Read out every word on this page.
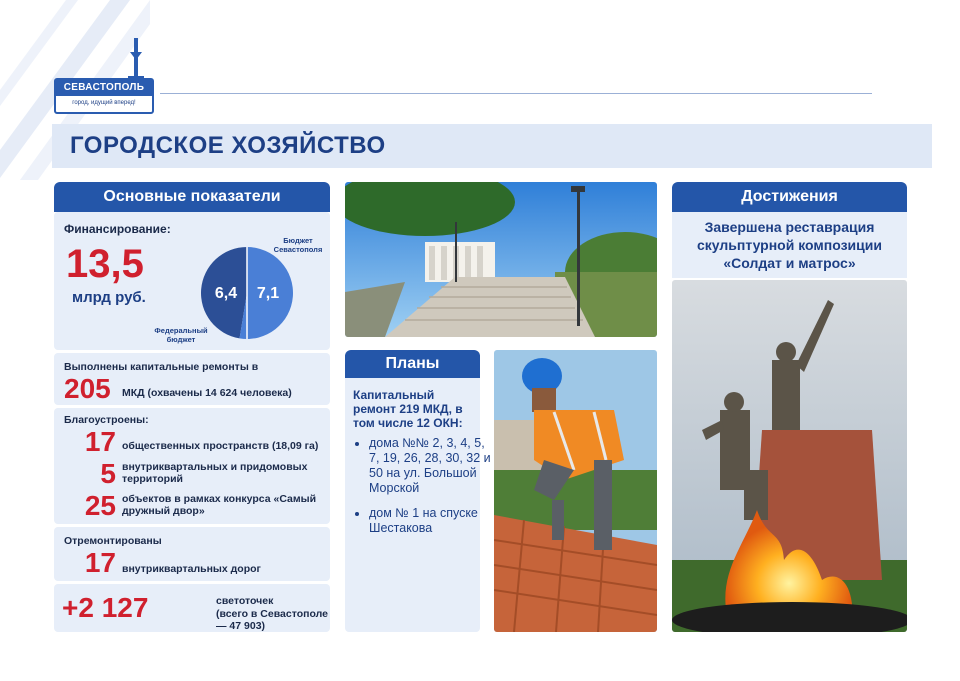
СЕВАСТОПОЛЬ
город, идущий вперед!
ГОРОДСКОЕ ХОЗЯЙСТВО
Основные показатели
Финансирование:
13,5
млрд руб.	6,4 7,1
Бюджет Севастополя
Федеральный бюджет
Выполнены капитальные ремонты в
205 МКД (охвачены 14 624 человека)
Благоустроены:
17 общественных пространств (18,09 га)
5 внутриквартальных и придомовых территорий
25 объектов в рамках конкурса «Самый дружный двор»
Отремонтированы
17 внутриквартальных дорог
+2 127	светоточек
(всего в Севастополе — 47 903)
Планы
Капитальный ремонт 219 МКД, в том числе 12 ОКН:
• дома №№ 2, 3, 4, 5, 7, 19, 26, 28, 30, 32 и 50 на ул. Большой Морской
• дом № 1 на спуске Шестакова
Достижения
Завершена реставрация скульптурной композиции «Солдат и матрос»
